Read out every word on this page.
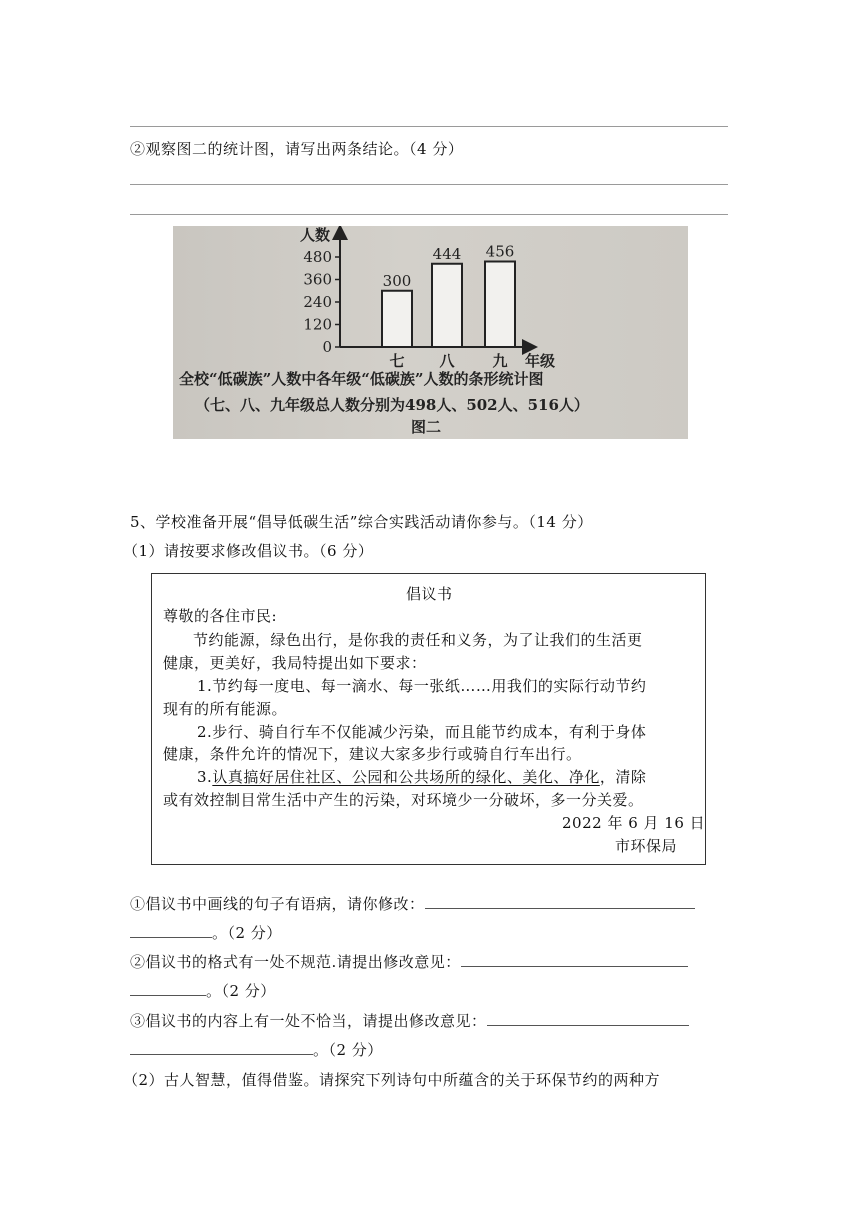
②观察图二的统计图，请写出两条结论。（4 分）
人数
0
120
240
360
480
300
七
444
八
456
九 年级
全校“低碳族”人数中各年级“低碳族”人数的条形统计图
（七、八、九年级总人数分别为498人、502人、516人）
图二
5、学校准备开展“倡导低碳生活”综合实践活动请你参与。（14 分）
（1）请按要求修改倡议书。（6 分）
倡议书
尊敬的各住市民:
节约能源，绿色出行，是你我的责任和义务，为了让我们的生活更
健康，更美好，我局特提出如下要求：
1.节约每一度电、每一滴水、每一张纸……用我们的实际行动节约
现有的所有能源。
2.步行、骑自行车不仅能减少污染，而且能节约成本，有利于身体
健康，条件允许的情况下，建议大家多步行或骑自行车出行。
3.认真搞好居住社区、公园和公共场所的绿化、美化、净化，清除
或有效控制目常生活中产生的污染，对环境少一分破坏，多一分关爱。
2022 年 6 月 16 日
市环保局
①倡议书中画线的句子有语病，请你修改：
。（2 分）
②倡议书的格式有一处不规范.请提出修改意见：
。（2 分）
③倡议书的内容上有一处不恰当，请提出修改意见：
。（2 分）
（2）古人智慧，值得借鉴。请探究下列诗句中所蕴含的关于环保节约的两种方
